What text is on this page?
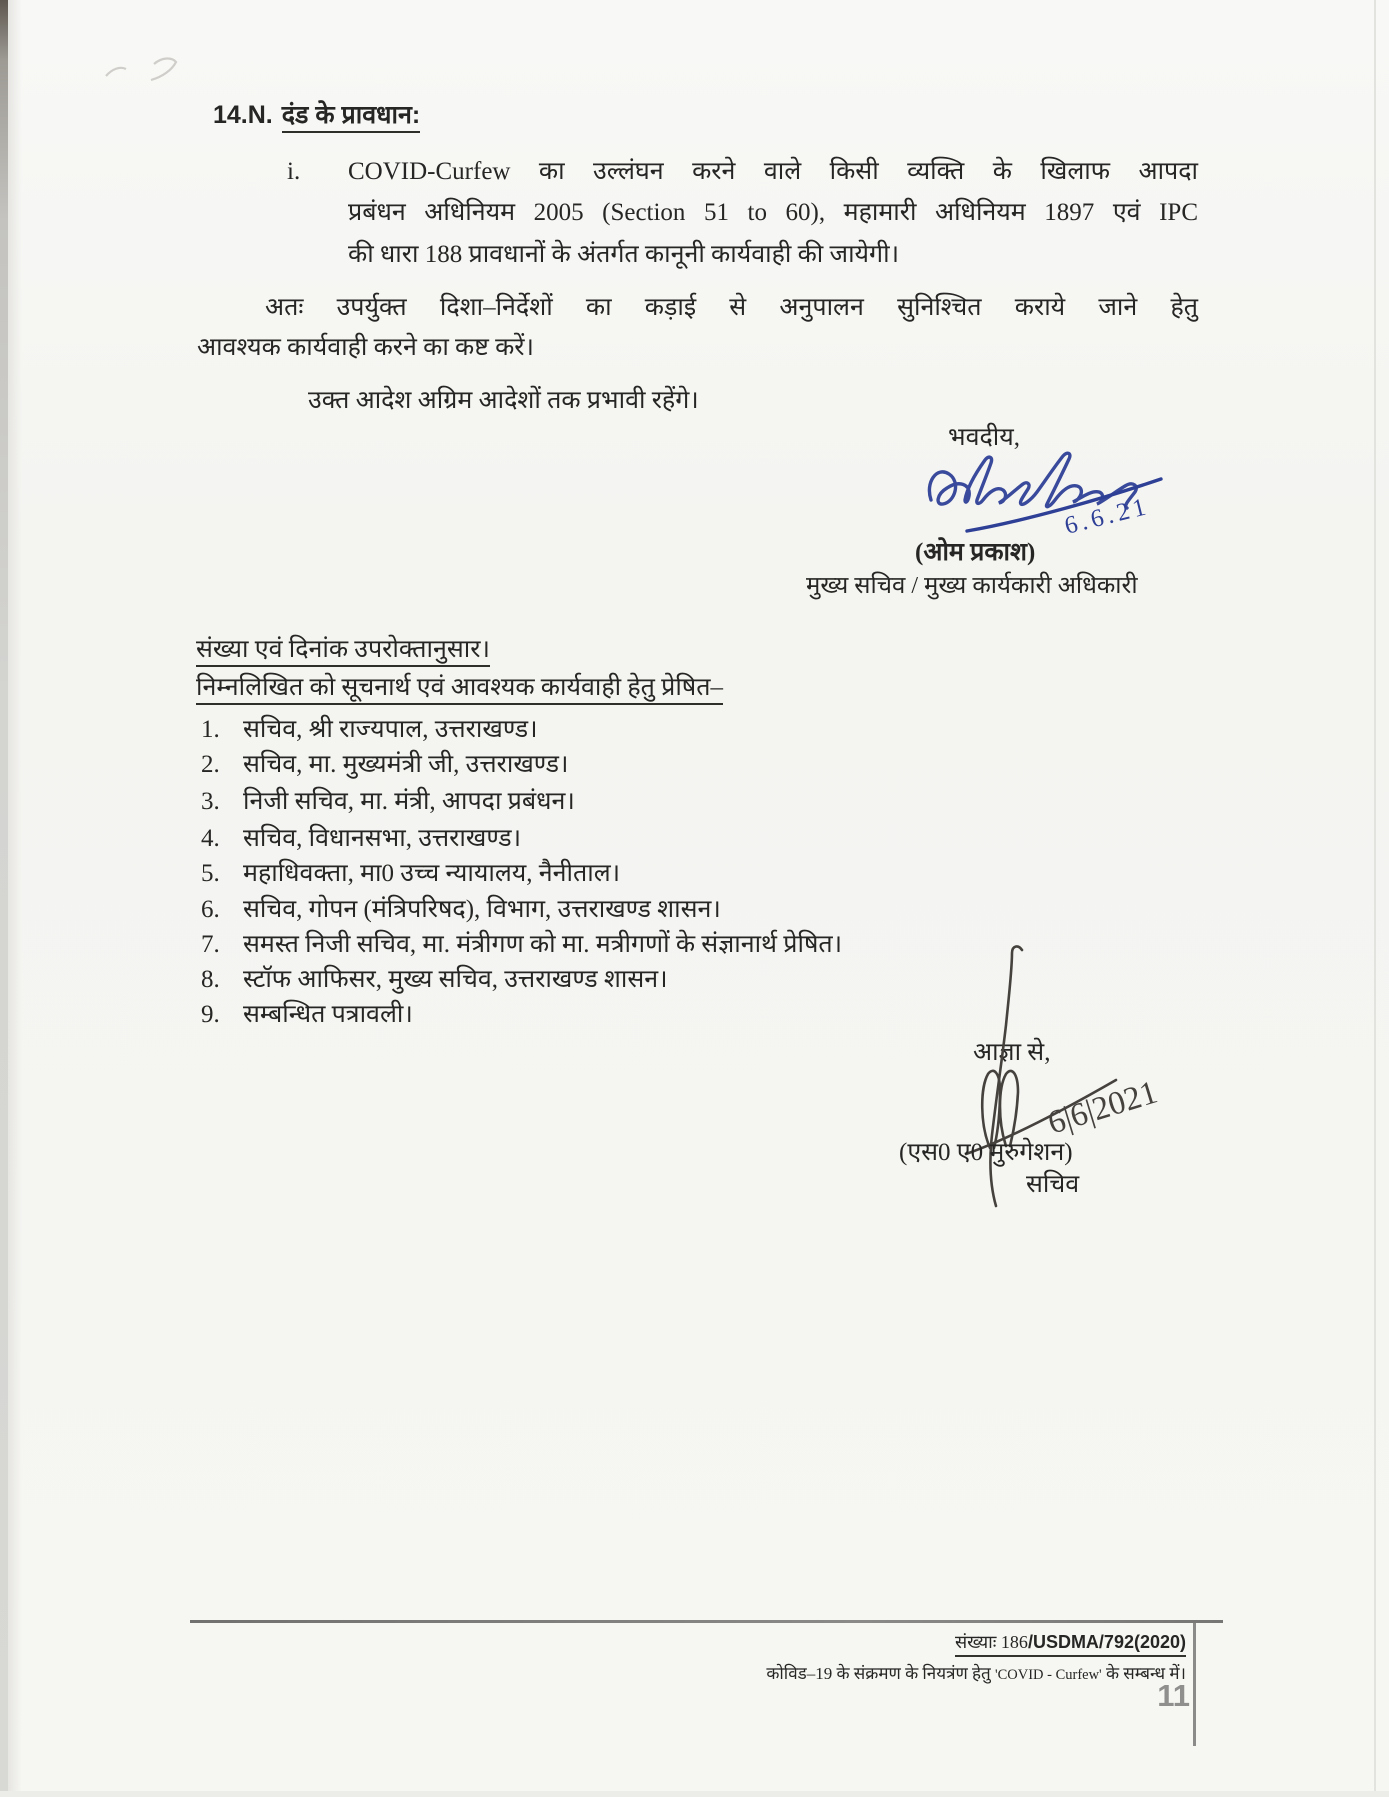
14.N. दंड के प्रावधान:
i. COVID-Curfew का उल्लंघन करने वाले किसी व्यक्ति के खिलाफ आपदा
प्रबंधन अधिनियम 2005 (Section 51 to 60), महामारी अधिनियम 1897 एवं IPC
की धारा 188 प्रावधानों के अंतर्गत कानूनी कार्यवाही की जायेगी।
अतः उपर्युक्त दिशा–निर्देशों का कड़ाई से अनुपालन सुनिश्चित कराये जाने हेतु
आवश्यक कार्यवाही करने का कष्ट करें।
उक्त आदेश अग्रिम आदेशों तक प्रभावी रहेंगे।
भवदीय,
6.6.21
(ओम प्रकाश)
मुख्य सचिव / मुख्य कार्यकारी अधिकारी
संख्या एवं दिनांक उपरोक्तानुसार।
निम्नलिखित को सूचनार्थ एवं आवश्यक कार्यवाही हेतु प्रेषित–
1. सचिव, श्री राज्यपाल, उत्तराखण्ड।
2. सचिव, मा. मुख्यमंत्री जी, उत्तराखण्ड।
3. निजी सचिव, मा. मंत्री, आपदा प्रबंधन।
4. सचिव, विधानसभा, उत्तराखण्ड।
5. महाधिवक्ता, मा0 उच्च न्यायालय, नैनीताल।
6. सचिव, गोपन (मंत्रिपरिषद), विभाग, उत्तराखण्ड शासन।
7. समस्त निजी सचिव, मा. मंत्रीगण को मा. मत्रीगणों के संज्ञानार्थ प्रेषित।
8. स्टॉफ आफिसर, मुख्य सचिव, उत्तराखण्ड शासन।
9. सम्बन्धित पत्रावली।
आज्ञा से,
6|6|2021
(एस0 ए0 मुरुगेशन)
सचिव
संख्याः 186/USDMA/792(2020)
कोविड–19 के संक्रमण के नियत्रंण हेतु 'COVID - Curfew' के सम्बन्ध में।
11
